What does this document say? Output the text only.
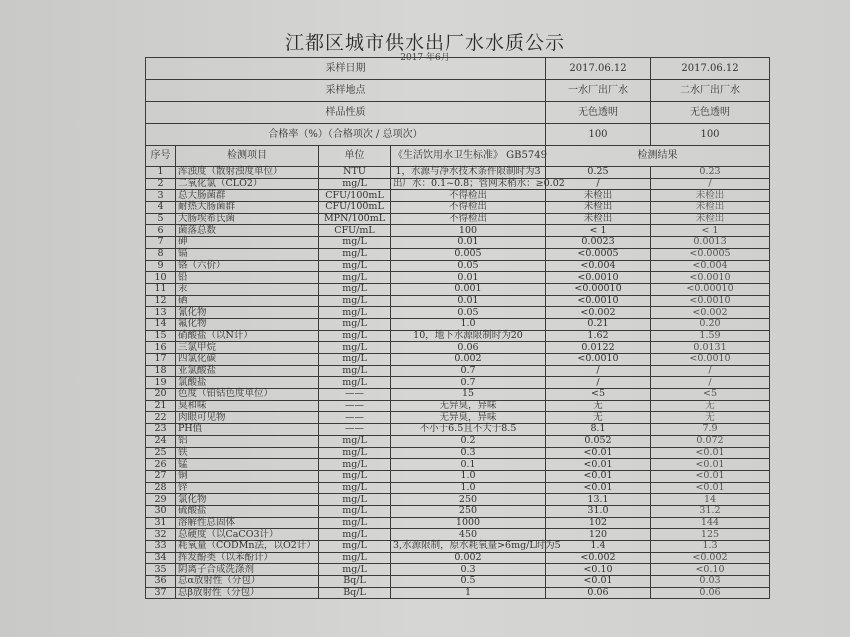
江都区城市供水出厂水水质公示
2017 年6月
采样日期				2017.06.12	2017.06.12
采样地点				一水厂出厂水	二水厂出厂水
样品性质				无色透明	无色透明
合格率（%）（合格项次 / 总项次）				100	100
序号	检测项目	单位	《生活饮用水卫生标准》 GB5749	检测结果	
1	浑浊度（散射浊度单位）	NTU	1，水源与净水技术条件限制时为3	0.25	0.23
2	二氧化氯（CLO2）	mg/L	出厂水：0.1~0.8；管网末梢水：≥0.02	/	/
3	总大肠菌群	CFU/100mL	不得检出	未检出	未检出
4	耐热大肠菌群	CFU/100mL	不得检出	未检出	未检出
5	大肠埃希氏菌	MPN/100mL	不得检出	未检出	未检出
6	菌落总数	CFU/mL	100	< 1	< 1
7	砷	mg/L	0.01	0.0023	0.0013
8	镉	mg/L	0.005	<0.0005	<0.0005
9	铬（六价）	mg/L	0.05	<0.004	<0.004
10	铅	mg/L	0.01	<0.0010	<0.0010
11	汞	mg/L	0.001	<0.00010	<0.00010
12	硒	mg/L	0.01	<0.0010	<0.0010
13	氰化物	mg/L	0.05	<0.002	<0.002
14	氟化物	mg/L	1.0	0.21	0.20
15	硝酸盐（以N计）	mg/L	10，地下水源限制时为20	1.62	1.59
16	三氯甲烷	mg/L	0.06	0.0122	0.0131
17	四氯化碳	mg/L	0.002	<0.0010	<0.0010
18	亚氯酸盐	mg/L	0.7	/	/
19	氯酸盐	mg/L	0.7	/	/
20	色度（铂钴色度单位）	——	15	<5	<5
21	臭和味	——	无异臭，异味	无	无
22	肉眼可见物	——	无异臭，异味	无	无
23	PH值	——	不小于6.5且不大于8.5	8.1	7.9
24	铝	mg/L	0.2	0.052	0.072
25	铁	mg/L	0.3	<0.01	<0.01
26	锰	mg/L	0.1	<0.01	<0.01
27	铜	mg/L	1.0	<0.01	<0.01
28	锌	mg/L	1.0	<0.01	<0.01
29	氯化物	mg/L	250	13.1	14
30	硫酸盐	mg/L	250	31.0	31.2
31	溶解性总固体	mg/L	1000	102	144
32	总硬度（以CaCO3计）	mg/L	450	120	125
33	耗氧量（CODMn法，以O2计）	mg/L	3,水源限制，原水耗氧量>6mg/L时为5	1.4	1.3
34	挥发酚类（以苯酚计）	mg/L	0.002	<0.002	<0.002
35	阴离子合成洗涤剂	mg/L	0.3	<0.10	<0.10
36	总α放射性（分包）	Bq/L	0.5	<0.01	0.03
37	总β放射性（分包）	Bq/L	1	0.06	0.06
